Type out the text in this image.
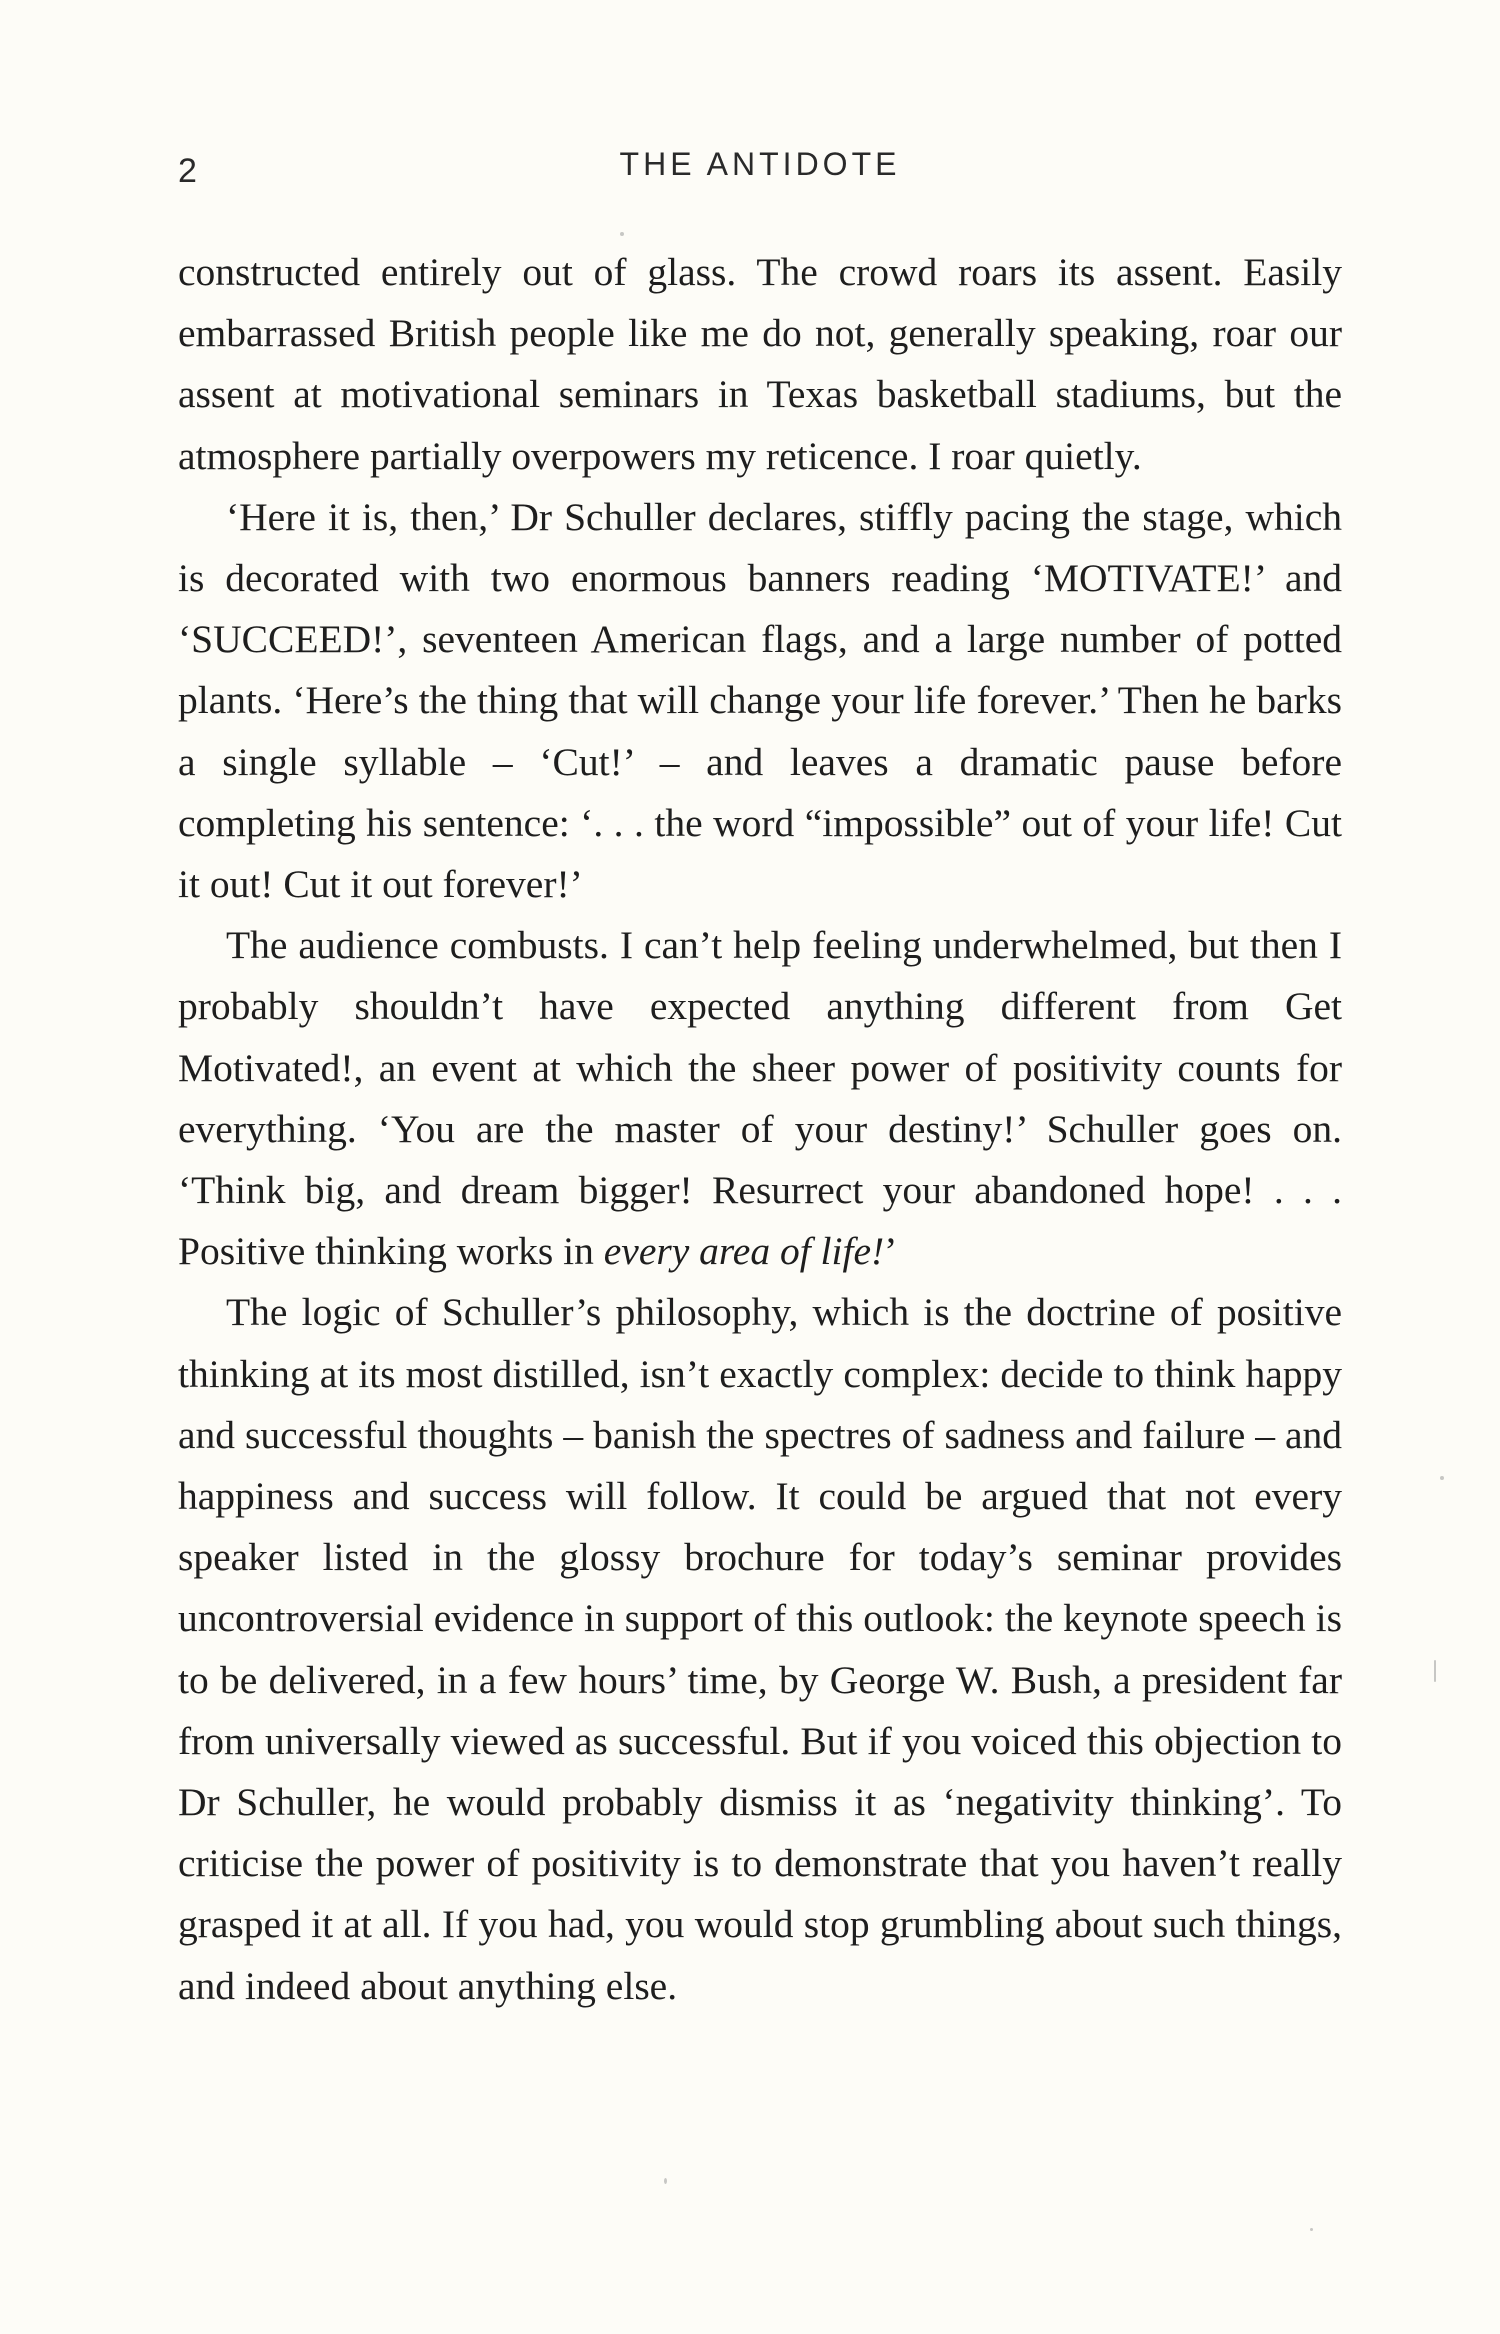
2	THE ANTIDOTE

constructed entirely out of glass. The crowd roars its assent. Easily embarrassed British people like me do not, generally speaking, roar our assent at motivational seminars in Texas basketball stadiums, but the atmosphere partially overpowers my reticence. I roar quietly.

‘Here it is, then,’ Dr Schuller declares, stiffly pacing the stage, which is decorated with two enormous banners reading ‘MOTIVATE!’ and ‘SUCCEED!’, seventeen American flags, and a large number of potted plants. ‘Here’s the thing that will change your life forever.’ Then he barks a single syllable – ‘Cut!’ – and leaves a dramatic pause before completing his sentence: ‘. . . the word “impossible” out of your life! Cut it out! Cut it out forever!’

The audience combusts. I can’t help feeling underwhelmed, but then I probably shouldn’t have expected anything different from Get Motivated!, an event at which the sheer power of positivity counts for everything. ‘You are the master of your destiny!’ Schuller goes on. ‘Think big, and dream bigger! Resurrect your abandoned hope! . . . Positive thinking works in every area of life!’

The logic of Schuller’s philosophy, which is the doctrine of positive thinking at its most distilled, isn’t exactly complex: decide to think happy and successful thoughts – banish the spectres of sadness and failure – and happiness and success will follow. It could be argued that not every speaker listed in the glossy brochure for today’s seminar provides uncontroversial evidence in support of this outlook: the keynote speech is to be delivered, in a few hours’ time, by George W. Bush, a president far from universally viewed as successful. But if you voiced this objection to Dr Schuller, he would probably dismiss it as ‘negativity thinking’. To criticise the power of positivity is to demonstrate that you haven’t really grasped it at all. If you had, you would stop grumbling about such things, and indeed about anything else.
